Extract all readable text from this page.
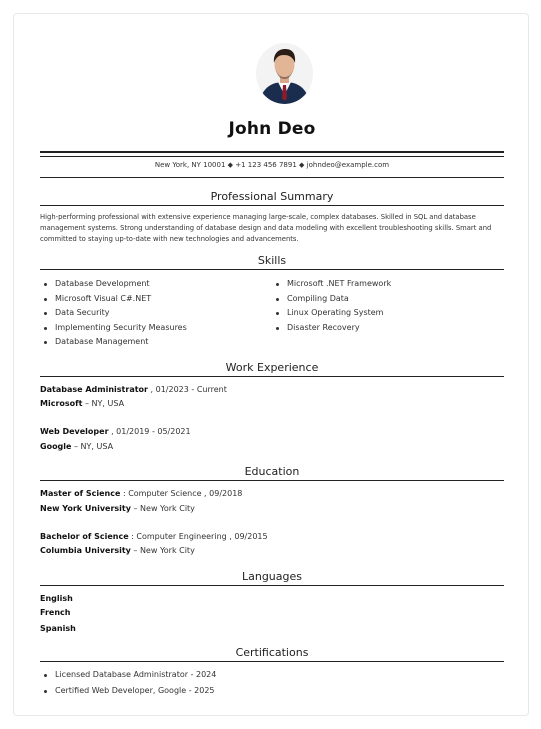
John Deo
New York, NY 10001 ◆ +1 123 456 7891 ◆ johndeo@example.com
Professional Summary
High-performing professional with extensive experience managing large-scale, complex databases. Skilled in SQL and database management systems. Strong understanding of database design and data modeling with excellent troubleshooting skills. Smart and committed to staying up-to-date with new technologies and advancements.
Skills
Database Development
Microsoft Visual C#.NET
Data Security
Implementing Security Measures
Database Management
Microsoft .NET Framework
Compiling Data
Linux Operating System
Disaster Recovery
Work Experience
Database Administrator , 01/2023 - Current
Microsoft – NY, USA
Web Developer , 01/2019 - 05/2021
Google – NY, USA
Education
Master of Science : Computer Science , 09/2018
New York University – New York City
Bachelor of Science : Computer Engineering , 09/2015
Columbia University – New York City
Languages
English
French
Spanish
Certifications
Licensed Database Administrator - 2024
Certified Web Developer, Google - 2025
